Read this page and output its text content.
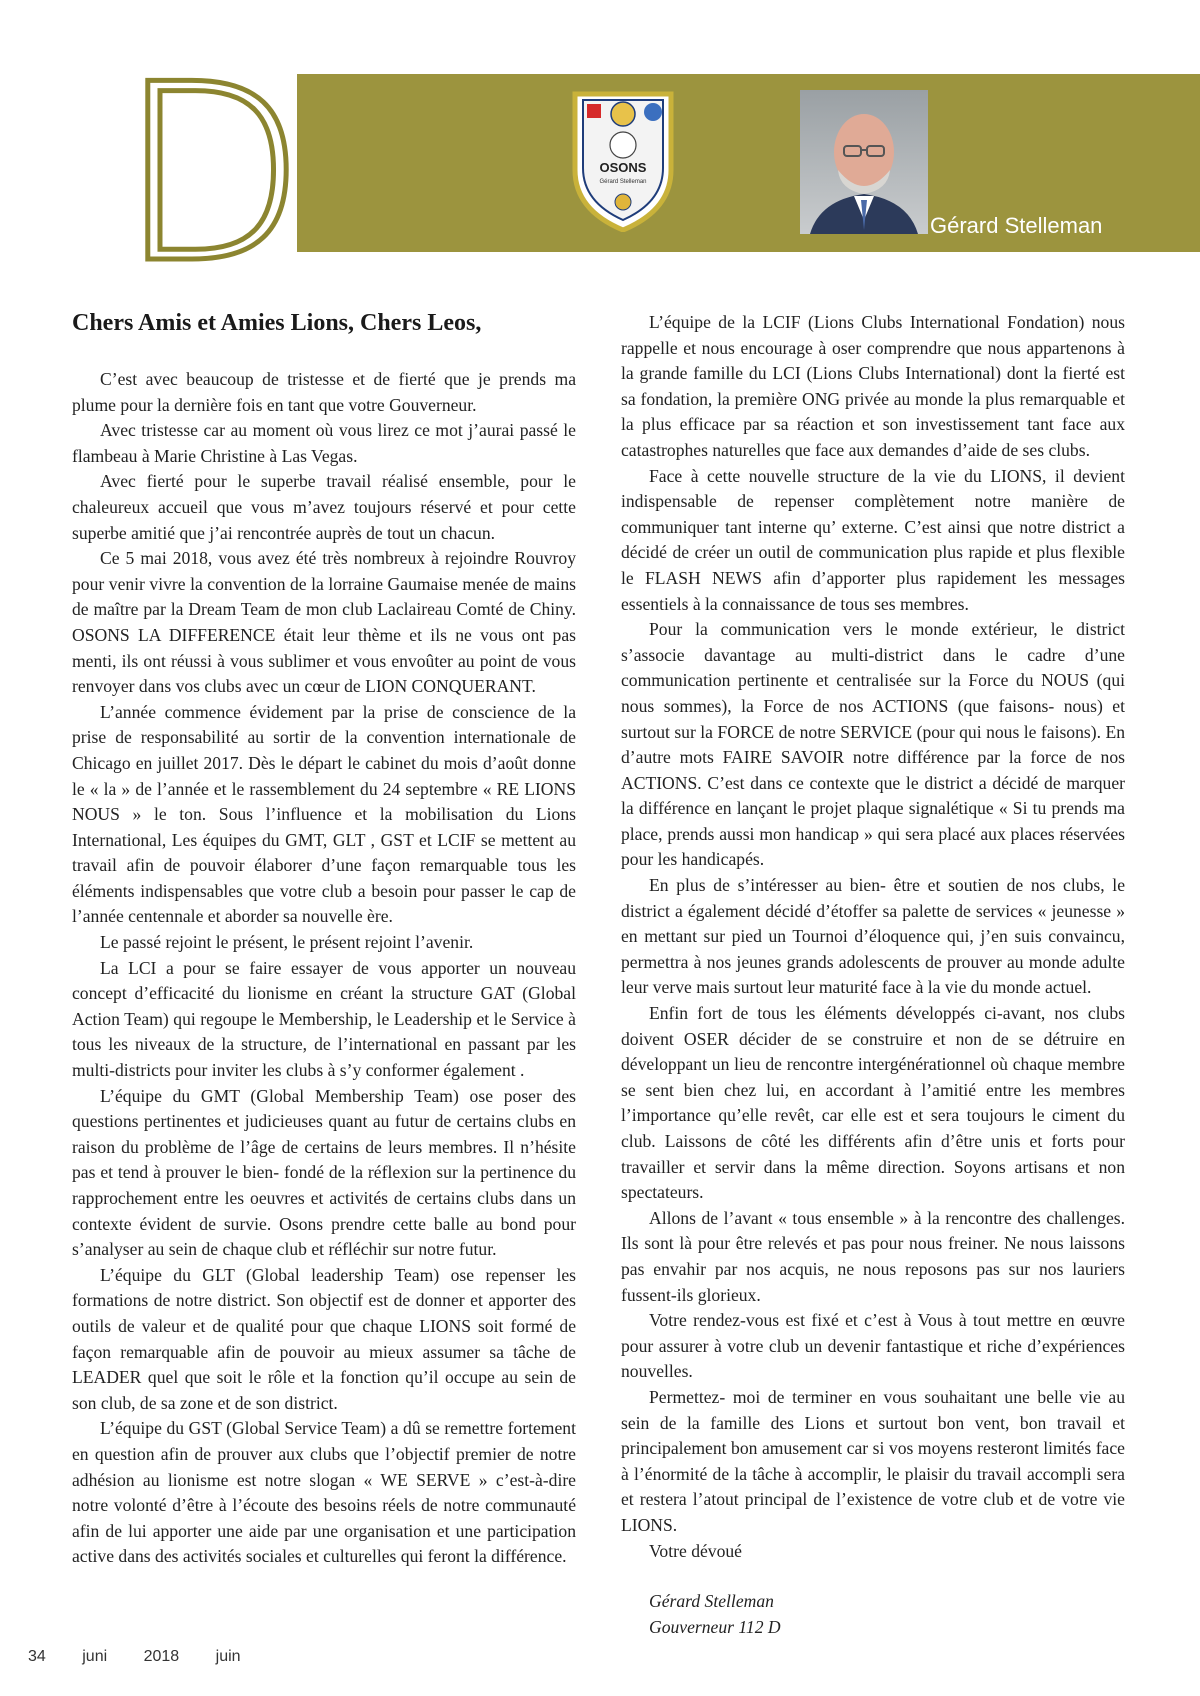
D	OSONS
Gérard Stelleman
Gérard Stelleman
Chers Amis et Amies Lions, Chers Leos,

C’est avec beaucoup de tristesse et de fierté que je prends ma plume pour la dernière fois en tant que votre Gouverneur.

Avec tristesse car au moment où vous lirez ce mot j’aurai passé le flambeau à Marie Christine à Las Vegas.

Avec fierté pour le superbe travail réalisé ensemble, pour le chaleureux accueil que vous m’avez toujours réservé et pour cette superbe amitié que j’ai rencontrée auprès de tout un chacun.

Ce 5 mai 2018, vous avez été très nombreux à rejoindre Rouvroy pour venir vivre la convention de la lorraine Gaumaise menée de mains de maître par la Dream Team de mon club Laclaireau Comté de Chiny. OSONS LA DIFFERENCE était leur thème et ils ne vous ont pas menti, ils ont réussi à vous sublimer et vous envoûter au point de vous renvoyer dans vos clubs avec un cœur de LION CONQUERANT.

L’année commence évidement par la prise de conscience de la prise de responsabilité au sortir de la convention internationale de Chicago en juillet 2017. Dès le départ le cabinet du mois d’août donne le « la » de l’année et le rassemblement du 24 septembre « RE LIONS NOUS » le ton. Sous l’influence et la mobilisation du Lions International, Les équipes du GMT, GLT , GST et LCIF se mettent au travail afin de pouvoir élaborer d’une façon remarquable tous les éléments indispensables que votre club a besoin pour passer le cap de l’année centennale et aborder sa nouvelle ère.

Le passé rejoint le présent, le présent rejoint l’avenir.

La LCI a pour se faire essayer de vous apporter un nouveau concept d’efficacité du lionisme en créant la structure GAT (Global Action Team) qui regoupe le Membership, le Leadership et le Service à tous les niveaux de la structure, de l’international en passant par les multi-districts pour inviter les clubs à s’y conformer également .

L’équipe du GMT (Global Membership Team) ose poser des questions pertinentes et judicieuses quant au futur de certains clubs en raison du problème de l’âge de certains de leurs membres. Il n’hésite pas et tend à prouver le bien- fondé de la réflexion sur la pertinence du rapprochement entre les oeuvres et activités de certains clubs dans un contexte évident de survie. Osons prendre cette balle au bond pour s’analyser au sein de chaque club et réfléchir sur notre futur.

L’équipe du GLT (Global leadership Team) ose repenser les formations de notre district. Son objectif est de donner et apporter des outils de valeur et de qualité pour que chaque LIONS soit formé de façon remarquable afin de pouvoir au mieux assumer sa tâche de LEADER quel que soit le rôle et la fonction qu’il occupe au sein de son club, de sa zone et de son district.

L’équipe du GST (Global Service Team) a dû se remettre fortement en question afin de prouver aux clubs que l’objectif premier de notre adhésion au lionisme est notre slogan « WE SERVE » c’est-à-dire notre volonté d’être à l’écoute des besoins réels de notre communauté afin de lui apporter une aide par une organisation et une participation active dans des activités sociales et culturelles qui feront la différence.

L’équipe de la LCIF (Lions Clubs International Fondation) nous rappelle et nous encourage à oser comprendre que nous appartenons à la grande famille du LCI (Lions Clubs International) dont la fierté est sa fondation, la première ONG privée au monde la plus remarquable et la plus efficace par sa réaction et son investissement tant face aux catastrophes naturelles que face aux demandes d’aide de ses clubs.

Face à cette nouvelle structure de la vie du LIONS, il devient indispensable de repenser complètement notre manière de communiquer tant interne qu’ externe. C’est ainsi que notre district a décidé de créer un outil de communication plus rapide et plus flexible le FLASH NEWS afin d’apporter plus rapidement les messages essentiels à la connaissance de tous ses membres.

Pour la communication vers le monde extérieur, le district s’associe davantage au multi-district dans le cadre d’une communication pertinente et centralisée sur la Force du NOUS (qui nous sommes), la Force de nos ACTIONS (que faisons- nous) et surtout sur la FORCE de notre SERVICE (pour qui nous le faisons). En d’autre mots FAIRE SAVOIR notre différence par la force de nos ACTIONS. C’est dans ce contexte que le district a décidé de marquer la différence en lançant le projet plaque signalétique « Si tu prends ma place, prends aussi mon handicap » qui sera placé aux places réservées pour les handicapés.

En plus de s’intéresser au bien- être et soutien de nos clubs, le district a également décidé d’étoffer sa palette de services « jeunesse » en mettant sur pied un Tournoi d’éloquence qui, j’en suis convaincu, permettra à nos jeunes grands adolescents de prouver au monde adulte leur verve mais surtout leur maturité face à la vie du monde actuel.

Enfin fort de tous les éléments développés ci-avant, nos clubs doivent OSER décider de se construire et non de se détruire en développant un lieu de rencontre intergénérationnel où chaque membre se sent bien chez lui, en accordant à l’amitié entre les membres l’importance qu’elle revêt, car elle est et sera toujours le ciment du club. Laissons de côté les différents afin d’être unis et forts pour travailler et servir dans la même direction. Soyons artisans et non spectateurs.

Allons de l’avant « tous ensemble » à la rencontre des challenges. Ils sont là pour être relevés et pas pour nous freiner. Ne nous laissons pas envahir par nos acquis, ne nous reposons pas sur nos lauriers fussent-ils glorieux.

Votre rendez-vous est fixé et c’est à Vous à tout mettre en œuvre pour assurer à votre club un devenir fantastique et riche d’expériences nouvelles.

Permettez- moi de terminer en vous souhaitant une belle vie au sein de la famille des Lions et surtout bon vent, bon travail et principalement bon amusement car si vos moyens resteront limités face à l’énormité de la tâche à accomplir, le plaisir du travail accompli sera et restera l’atout principal de l’existence de votre club et de votre vie LIONS.

Votre dévoué

Gérard Stelleman

Gouverneur 112 D

34 juni 2018 juin
